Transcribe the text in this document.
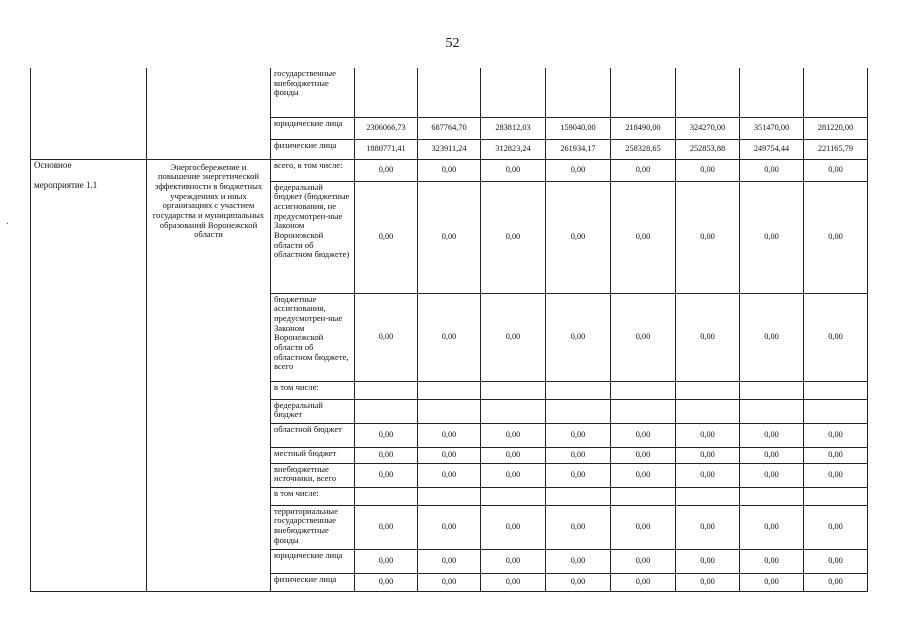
52
.
		государственные внебюджетные фонды								
		юридические лица	2306066,73	687764,70	283812,03	159040,00	218490,00	324270,00	351470,00	281220,00
		физические лица	1880771,41	323911,24	312823,24	261934,17	258328,65	252853,88	249754,44	221165,79

Основное
мероприятие 1.1	Энергосбережение и повышение энергетической эффективности в бюджетных учреждениях и иных организациях с участием государства и муниципальных образований Воронежской области	всего, в том числе:	0,00	0,00	0,00	0,00	0,00	0,00	0,00	0,00
		федеральный бюджет (бюджетные ассигнования, не предусмотрен-ные Законом Воронежской области об областном бюджете)	0,00	0,00	0,00	0,00	0,00	0,00	0,00	0,00
		бюджетные ассигнования, предусмотрен-ные Законом Воронежской области об областном бюджете, всего	0,00	0,00	0,00	0,00	0,00	0,00	0,00	0,00
		в том числе:								
		федеральный бюджет								
		областной бюджет	0,00	0,00	0,00	0,00	0,00	0,00	0,00	0,00
		местный бюджет	0,00	0,00	0,00	0,00	0,00	0,00	0,00	0,00
		внебюджетные источники, всего	0,00	0,00	0,00	0,00	0,00	0,00	0,00	0,00
		в том числе:								
		территориальные государственные внебюджетные фонды	0,00	0,00	0,00	0,00	0,00	0,00	0,00	0,00
		юридические лица	0,00	0,00	0,00	0,00	0,00	0,00	0,00	0,00
		физические лица	0,00	0,00	0,00	0,00	0,00	0,00	0,00	0,00
